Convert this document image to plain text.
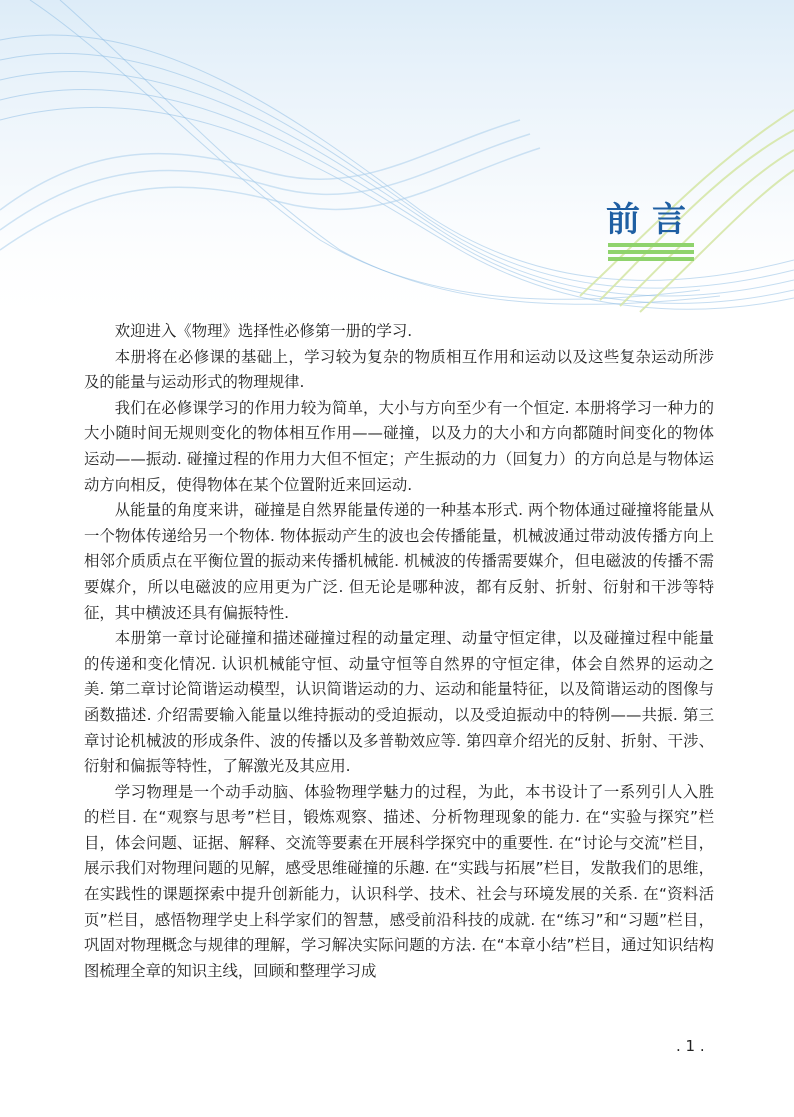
前言

欢迎进入《物理》选择性必修第一册的学习.

本册将在必修课的基础上，学习较为复杂的物质相互作用和运动以及这些复杂运动所涉及的能量与运动形式的物理规律.

我们在必修课学习的作用力较为简单，大小与方向至少有一个恒定. 本册将学习一种力的大小随时间无规则变化的物体相互作用——碰撞，以及力的大小和方向都随时间变化的物体运动——振动. 碰撞过程的作用力大但不恒定；产生振动的力（回复力）的方向总是与物体运动方向相反，使得物体在某个位置附近来回运动.

从能量的角度来讲，碰撞是自然界能量传递的一种基本形式. 两个物体通过碰撞将能量从一个物体传递给另一个物体. 物体振动产生的波也会传播能量，机械波通过带动波传播方向上相邻介质质点在平衡位置的振动来传播机械能. 机械波的传播需要媒介，但电磁波的传播不需要媒介，所以电磁波的应用更为广泛. 但无论是哪种波，都有反射、折射、衍射和干涉等特征，其中横波还具有偏振特性.

本册第一章讨论碰撞和描述碰撞过程的动量定理、动量守恒定律，以及碰撞过程中能量的传递和变化情况. 认识机械能守恒、动量守恒等自然界的守恒定律，体会自然界的运动之美. 第二章讨论简谐运动模型，认识简谐运动的力、运动和能量特征，以及简谐运动的图像与函数描述. 介绍需要输入能量以维持振动的受迫振动，以及受迫振动中的特例——共振. 第三章讨论机械波的形成条件、波的传播以及多普勒效应等. 第四章介绍光的反射、折射、干涉、衍射和偏振等特性，了解激光及其应用.

学习物理是一个动手动脑、体验物理学魅力的过程，为此，本书设计了一系列引人入胜的栏目. 在“观察与思考”栏目，锻炼观察、描述、分析物理现象的能力. 在“实验与探究”栏目，体会问题、证据、解释、交流等要素在开展科学探究中的重要性. 在“讨论与交流”栏目，展示我们对物理问题的见解，感受思维碰撞的乐趣. 在“实践与拓展”栏目，发散我们的思维，在实践性的课题探索中提升创新能力，认识科学、技术、社会与环境发展的关系. 在“资料活页”栏目，感悟物理学史上科学家们的智慧，感受前沿科技的成就. 在“练习”和“习题”栏目，巩固对物理概念与规律的理解，学习解决实际问题的方法. 在“本章小结”栏目，通过知识结构图梳理全章的知识主线，回顾和整理学习成

. 1 .
